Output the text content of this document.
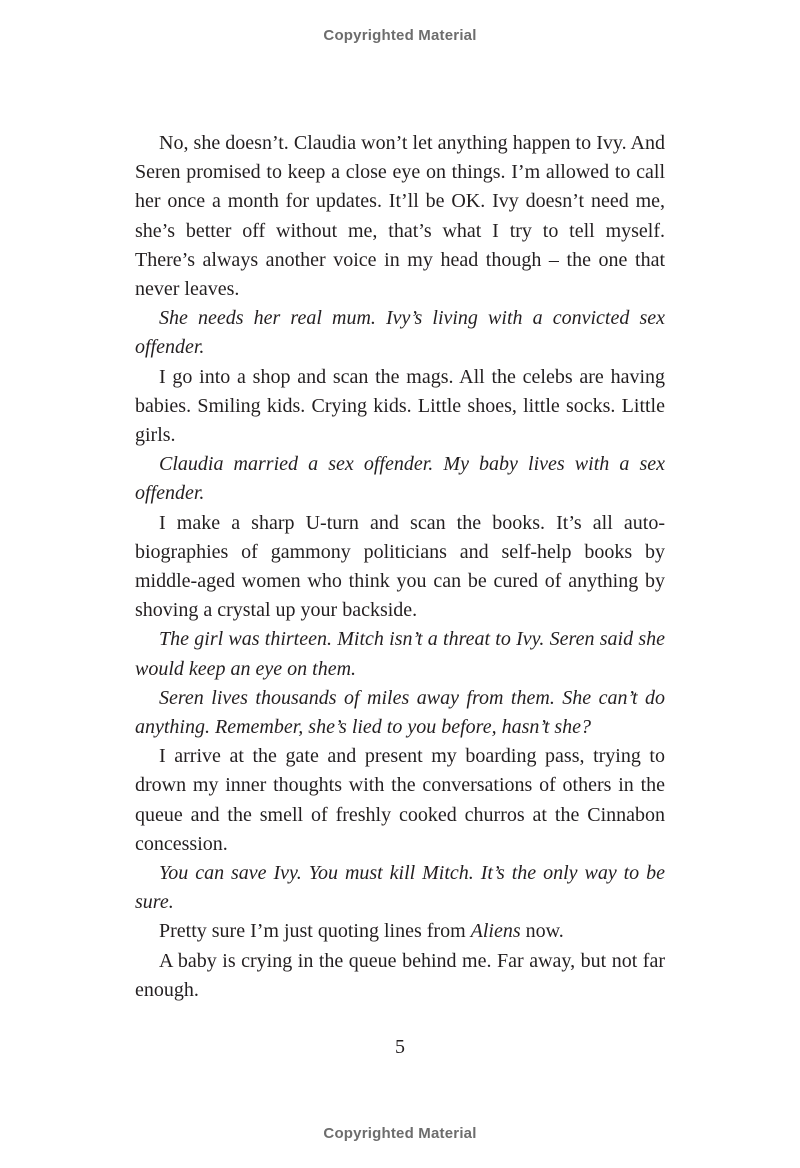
Copyrighted Material

No, she doesn’t. Claudia won’t let anything happen to Ivy. And Seren promised to keep a close eye on things. I’m allowed to call her once a month for updates. It’ll be OK. Ivy doesn’t need me, she’s better off without me, that’s what I try to tell myself. There’s always another voice in my head though – the one that never leaves.

She needs her real mum. Ivy’s living with a convicted sex offender.

I go into a shop and scan the mags. All the celebs are having babies. Smiling kids. Crying kids. Little shoes, little socks. Little girls.

Claudia married a sex offender. My baby lives with a sex offender.

I make a sharp U-turn and scan the books. It’s all autobiographies of gammony politicians and self-help books by middle-aged women who think you can be cured of anything by shoving a crystal up your backside.

The girl was thirteen. Mitch isn’t a threat to Ivy. Seren said she would keep an eye on them.

Seren lives thousands of miles away from them. She can’t do anything. Remember, she’s lied to you before, hasn’t she?

I arrive at the gate and present my boarding pass, trying to drown my inner thoughts with the conversations of others in the queue and the smell of freshly cooked churros at the Cinnabon concession.

You can save Ivy. You must kill Mitch. It’s the only way to be sure.

Pretty sure I’m just quoting lines from Aliens now.

A baby is crying in the queue behind me. Far away, but not far enough.

5
Copyrighted Material
